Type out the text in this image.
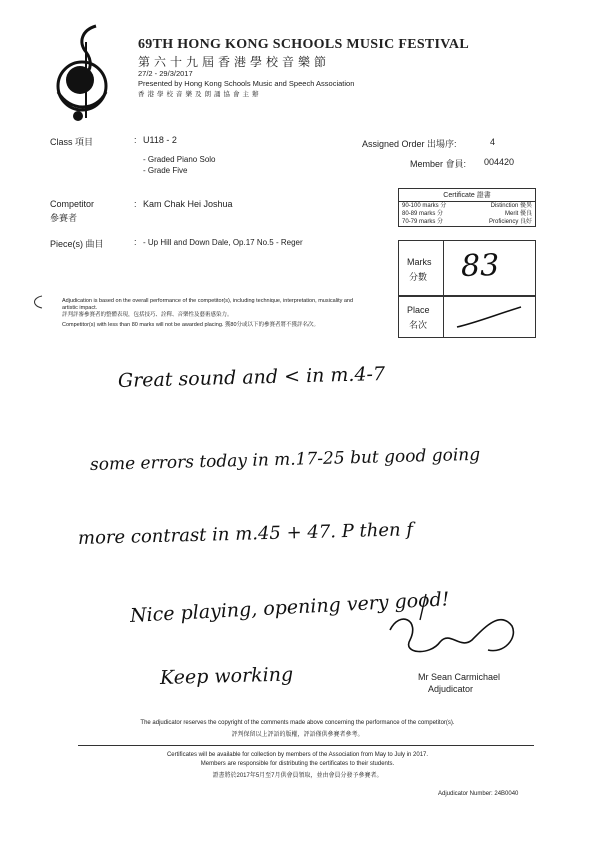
69TH HONG KONG SCHOOLS MUSIC FESTIVAL
第六十九屆香港學校音樂節
27/2 - 29/3/2017
Presented by Hong Kong Schools Music and Speech Association
香港學校音樂及朗誦協會主辦
Class 項目	: U118 - 2
- Graded Piano Solo
- Grade Five
Assigned Order 出場序:	4
Member 會員: 004420
Competitor
參賽者
: Kam Chak Hei Joshua
Piece(s) 曲目	: - Up Hill and Down Dale, Op.17 No.5 - Reger
Certificate 證書
90-100 marks 分	Distinction 優異
80-89 marks 分	Merit 優良
70-79 marks 分	Proficiency 良好
Marks
分數 83
Place
名次
Adjudication is based on the overall performance of the competitor(s), including technique, interpretation, musicality and artistic impact.
評判評審參賽者的整體表現，包括技巧、詮釋、音樂性及藝術感染力。
Competitor(s) with less than 80 marks will not be awarded placing. 獲80分或以下的參賽者將不獲評名次。
Great sound and < in m.4-7
some errors today in m.17-25 but good going
more contrast in m.45 + 47. P then f
Nice playing, opening very good!
Keep working	Mr Sean Carmichael
Adjudicator
The adjudicator reserves the copyright of the comments made above concerning the performance of the competitor(s).
評判保留以上評語的版權，評語僅供參賽者參考。
Certificates will be available for collection by members of the Association from May to July in 2017.
Members are responsible for distributing the certificates to their students.
證書將於2017年5月至7月供會員領取，並由會員分發予參賽者。
Adjudicator Number: 24B0040
